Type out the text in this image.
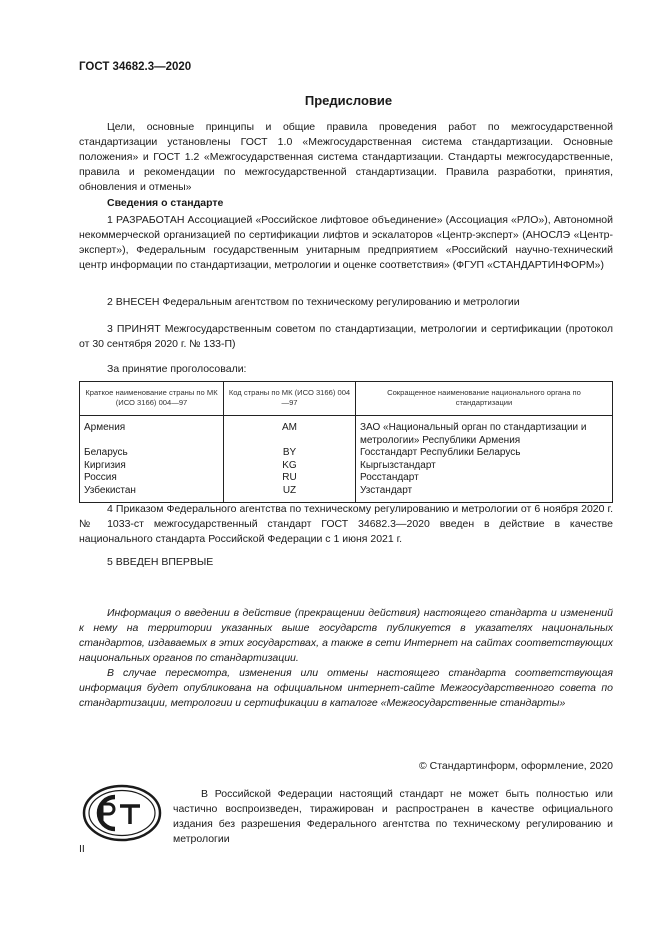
ГОСТ 34682.3—2020
Предисловие

Цели, основные принципы и общие правила проведения работ по межгосударственной стандартизации установлены ГОСТ 1.0 «Межгосударственная система стандартизации. Основные положения» и ГОСТ 1.2 «Межгосударственная система стандартизации. Стандарты межгосударственные, правила и рекомендации по межгосударственной стандартизации. Правила разработки, принятия, обновления и отмены»

Сведения о стандарте

1 РАЗРАБОТАН Ассоциацией «Российское лифтовое объединение» (Ассоциация «РЛО»), Автономной некоммерческой организацией по сертификации лифтов и эскалаторов «Центр-эксперт» (АНОСЛЭ «Центр-эксперт»), Федеральным государственным унитарным предприятием «Российский научно-технический центр информации по стандартизации, метрологии и оценке соответствия» (ФГУП «СТАНДАРТИНФОРМ»)

2 ВНЕСЕН Федеральным агентством по техническому регулированию и метрологии

3 ПРИНЯТ Межгосударственным советом по стандартизации, метрологии и сертификации (протокол от 30 сентября 2020 г. № 133-П)

За принятие проголосовали:
Краткое наименование страны по МК (ИСО 3166) 004—97	Код страны по МК (ИСО 3166) 004—97	Сокращенное наименование национального органа по стандартизации
Армения	AM	ЗАО «Национальный орган по стандартизации и метрологии» Республики Армения
Беларусь	BY	Госстандарт Республики Беларусь
Киргизия	KG	Кыргызстандарт
Россия	RU	Росстандарт
Узбекистан	UZ	Узстандарт

4 Приказом Федерального агентства по техническому регулированию и метрологии от 6 ноября 2020 г. № 1033-ст межгосударственный стандарт ГОСТ 34682.3—2020 введен в действие в качестве национального стандарта Российской Федерации с 1 июня 2021 г.

5 ВВЕДЕН ВПЕРВЫЕ

Информация о введении в действие (прекращении действия) настоящего стандарта и изменений к нему на территории указанных выше государств публикуется в указателях национальных стандартов, издаваемых в этих государствах, а также в сети Интернет на сайтах соответствующих национальных органов по стандартизации.

В случае пересмотра, изменения или отмены настоящего стандарта соответствующая информация будет опубликована на официальном интернет-сайте Межгосударственного совета по стандартизации, метрологии и сертификации в каталоге «Межгосударственные стандарты»

© Стандартинформ, оформление, 2020

В Российской Федерации настоящий стандарт не может быть полностью или частично воспроизведен, тиражирован и распространен в качестве официального издания без разрешения Федерального агентства по техническому регулированию и метрологии

II
